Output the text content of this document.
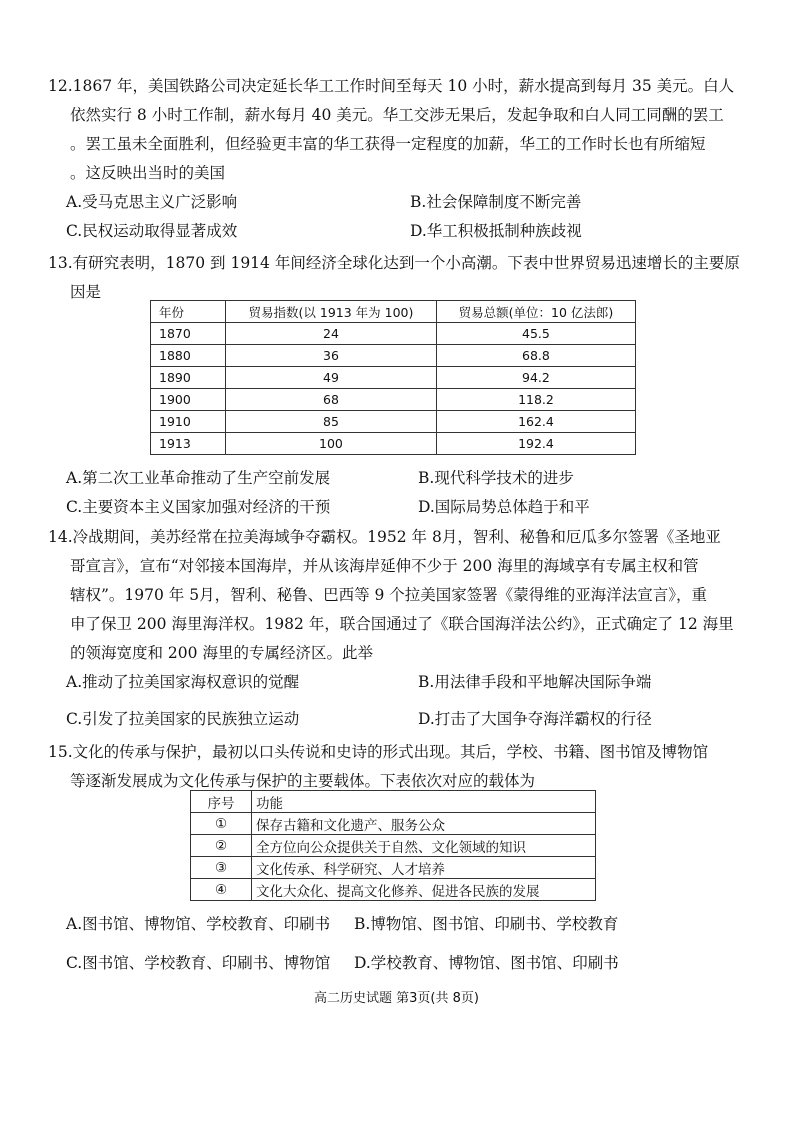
12.1867 年，美国铁路公司决定延长华工工作时间至每天 10 小时，薪水提高到每月 35 美元。白人

依然实行 8 小时工作制，薪水每月 40 美元。华工交涉无果后，发起争取和白人同工同酬的罢工

。罢工虽未全面胜利，但经验更丰富的华工获得一定程度的加薪，华工的工作时长也有所缩短

。这反映出当时的美国

A.受马克思主义广泛影响	B.社会保障制度不断完善
C.民权运动取得显著成效	D.华工积极抵制种族歧视

13.有研究表明，1870 到 1914 年间经济全球化达到一个小高潮。下表中世界贸易迅速增长的主要原

因是

年份	贸易指数(以 1913 年为 100)	贸易总额(单位：10 亿法郎)
1870	24	45.5
1880	36	68.8
1890	49	94.2
1900	68	118.2
1910	85	162.4
1913	100	192.4
A.第二次工业革命推动了生产空前发展	B.现代科学技术的进步
C.主要资本主义国家加强对经济的干预	D.国际局势总体趋于和平

14.冷战期间，美苏经常在拉美海域争夺霸权。1952 年 8月，智利、秘鲁和厄瓜多尔签署《圣地亚

哥宣言》，宣布“对邻接本国海岸，并从该海岸延伸不少于 200 海里的海域享有专属主权和管

辖权”。1970 年 5月，智利、秘鲁、巴西等 9 个拉美国家签署《蒙得维的亚海洋法宣言》，重

申了保卫 200 海里海洋权。1982 年，联合国通过了《联合国海洋法公约》，正式确定了 12 海里

的领海宽度和 200 海里的专属经济区。此举

A.推动了拉美国家海权意识的觉醒	B.用法律手段和平地解决国际争端
C.引发了拉美国家的民族独立运动	D.打击了大国争夺海洋霸权的行径

15.文化的传承与保护，最初以口头传说和史诗的形式出现。其后，学校、书籍、图书馆及博物馆

等逐渐发展成为文化传承与保护的主要载体。下表依次对应的载体为

序号	功能
①	保存古籍和文化遗产、服务公众
②	全方位向公众提供关于自然、文化领域的知识
③	文化传承、科学研究、人才培养
④	文化大众化、提高文化修养、促进各民族的发展
A.图书馆、博物馆、学校教育、印刷书 B.博物馆、图书馆、印刷书、学校教育
C.图书馆、学校教育、印刷书、博物馆 D.学校教育、博物馆、图书馆、印刷书
高二历史试题 第3页(共 8页)
